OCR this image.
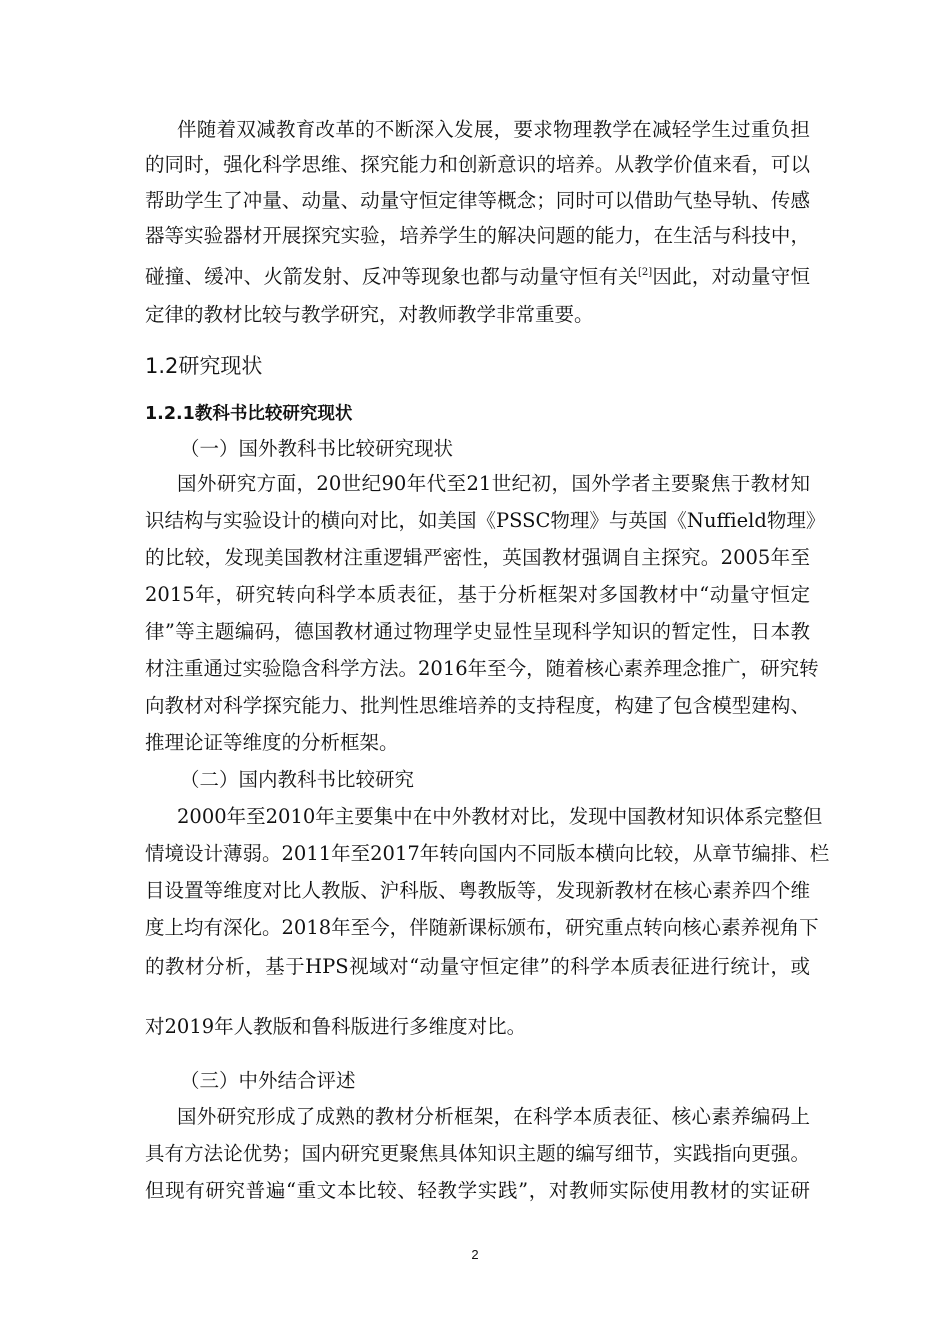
伴随着双减教育改革的不断深入发展，要求物理教学在减轻学生过重负担

的同时，强化科学思维、探究能力和创新意识的培养。从教学价值来看，可以

帮助学生了冲量、动量、动量守恒定律等概念；同时可以借助气垫导轨、传感

器等实验器材开展探究实验，培养学生的解决问题的能力，在生活与科技中，

碰撞、缓冲、火箭发射、反冲等现象也都与动量守恒有关[2]因此，对动量守恒

定律的教材比较与教学研究，对教师教学非常重要。

1.2研究现状
1.2.1教科书比较研究现状

（一）国外教科书比较研究现状

国外研究方面，20世纪90年代至21世纪初，国外学者主要聚焦于教材知

识结构与实验设计的横向对比，如美国《PSSC物理》与英国《Nuffield物理》

的比较，发现美国教材注重逻辑严密性，英国教材强调自主探究。2005年至

2015年，研究转向科学本质表征，基于分析框架对多国教材中“动量守恒定

律”等主题编码，德国教材通过物理学史显性呈现科学知识的暂定性，日本教

材注重通过实验隐含科学方法。2016年至今，随着核心素养理念推广，研究转

向教材对科学探究能力、批判性思维培养的支持程度，构建了包含模型建构、

推理论证等维度的分析框架。

（二）国内教科书比较研究

2000年至2010年主要集中在中外教材对比，发现中国教材知识体系完整但

情境设计薄弱。2011年至2017年转向国内不同版本横向比较，从章节编排、栏

目设置等维度对比人教版、沪科版、粤教版等，发现新教材在核心素养四个维

度上均有深化。2018年至今，伴随新课标颁布，研究重点转向核心素养视角下

的教材分析，基于HPS视域对“动量守恒定律”的科学本质表征进行统计，或

对2019年人教版和鲁科版进行多维度对比。

（三）中外结合评述

国外研究形成了成熟的教材分析框架，在科学本质表征、核心素养编码上

具有方法论优势；国内研究更聚焦具体知识主题的编写细节，实践指向更强。

但现有研究普遍“重文本比较、轻教学实践”，对教师实际使用教材的实证研

2
